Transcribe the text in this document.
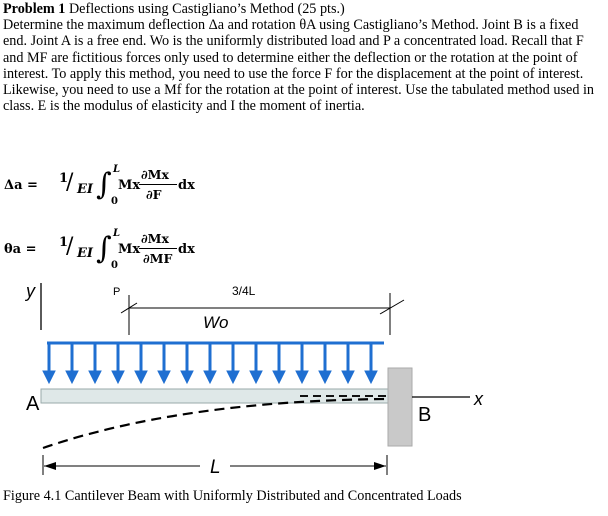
Problem 1 Deflections using Castigliano’s Method (25 pts.)
Determine the maximum deflection Δa and rotation θA using Castigliano’s Method. Joint B is a fixed end. Joint A is a free end. Wo is the uniformly distributed load and P a concentrated load. Recall that F and MF are fictitious forces only used to determine either the deflection or the rotation at the point of interest. To apply this method, you need to use the force F for the displacement at the point of interest. Likewise, you need to use a Mf for the rotation at the point of interest. Use the tabulated method used in class. E is the modulus of elasticity and I the moment of inertia.

Δa = 1
/ EI ∫ L
0
Mx
∂Mx
∂F
dx
θa = 1
/ EI ∫ L
0
Mx
∂Mx
∂MF
dx
y	P	3/4L
Wo
A	B
x
L
Figure 4.1 Cantilever Beam with Uniformly Distributed and Concentrated Loads
